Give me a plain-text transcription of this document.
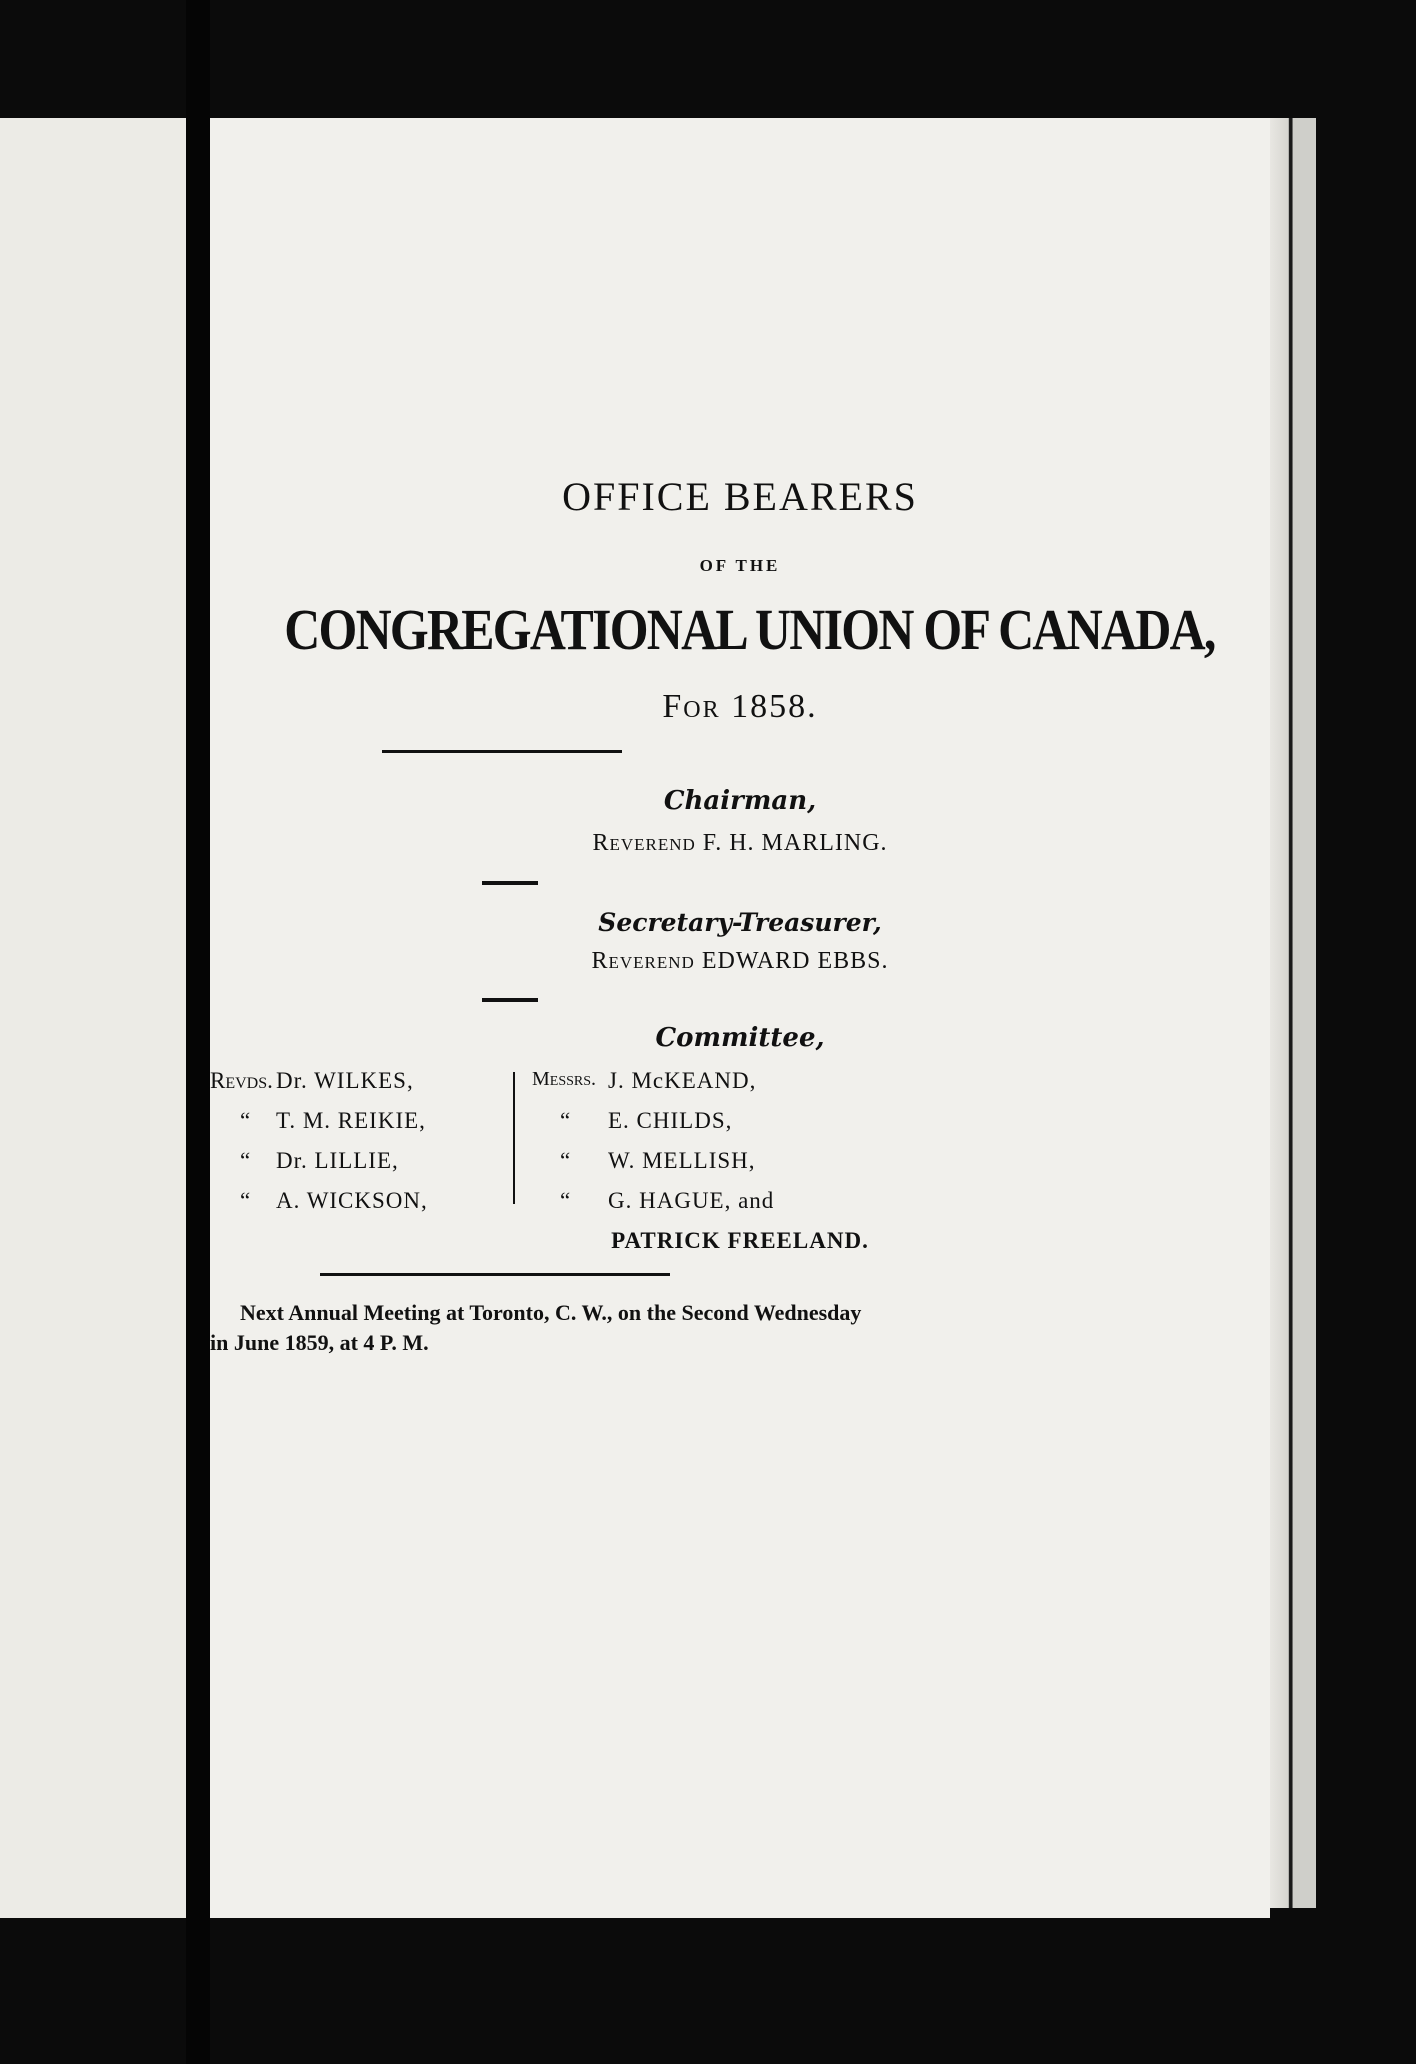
OFFICE BEARERS
OF THE
CONGREGATIONAL UNION OF CANADA,
For 1858.
Chairman,
Reverend F. H. MARLING.
Secretary-Treasurer,
Reverend EDWARD EBBS.
Committee,
Revds. Dr. WILKES,
“ T. M. REIKIE,
“ Dr. LILLIE,
“ A. WICKSON,
Messrs. J. McKEAND,
“ E. CHILDS,
“ W. MELLISH,
“ G. HAGUE, and
PATRICK FREELAND.
Next Annual Meeting at Toronto, C. W., on the Second Wednesday
in June 1859, at 4 P. M.
